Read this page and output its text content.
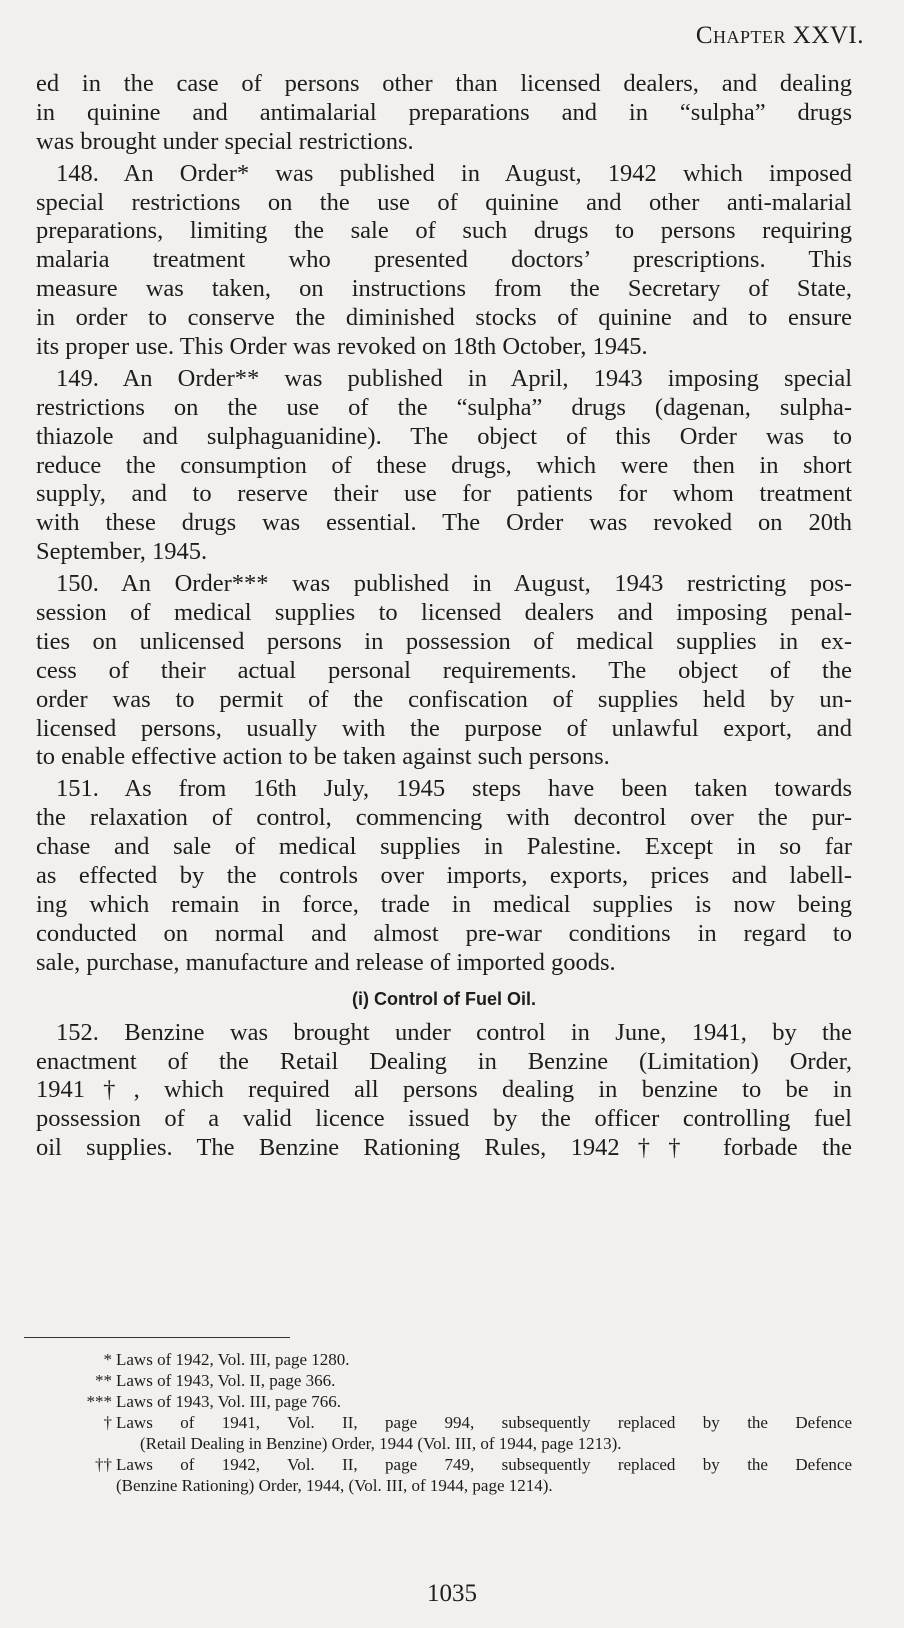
Chapter XXVI.
ed in the case of persons other than licensed dealers, and dealing
in quinine and antimalarial preparations and in “sulpha” drugs
was brought under special restrictions.
148. An Order* was published in August, 1942 which imposed
special restrictions on the use of quinine and other anti-malarial
preparations, limiting the sale of such drugs to persons requiring
malaria treatment who presented doctors’ prescriptions. This
measure was taken, on instructions from the Secretary of State,
in order to conserve the diminished stocks of quinine and to ensure
its proper use. This Order was revoked on 18th October, 1945.
149. An Order** was published in April, 1943 imposing special
restrictions on the use of the “sulpha” drugs (dagenan, sulpha-
thiazole and sulphaguanidine). The object of this Order was to
reduce the consumption of these drugs, which were then in short
supply, and to reserve their use for patients for whom treatment
with these drugs was essential. The Order was revoked on 20th
September, 1945.
150. An Order*** was published in August, 1943 restricting pos-
session of medical supplies to licensed dealers and imposing penal-
ties on unlicensed persons in possession of medical supplies in ex-
cess of their actual personal requirements. The object of the
order was to permit of the confiscation of supplies held by un-
licensed persons, usually with the purpose of unlawful export, and
to enable effective action to be taken against such persons.
151. As from 16th July, 1945 steps have been taken towards
the relaxation of control, commencing with decontrol over the pur-
chase and sale of medical supplies in Palestine. Except in so far
as effected by the controls over imports, exports, prices and labell-
ing which remain in force, trade in medical supplies is now being
conducted on normal and almost pre-war conditions in regard to
sale, purchase, manufacture and release of imported goods.
(i) Control of Fuel Oil.
152. Benzine was brought under control in June, 1941, by the
enactment of the Retail Dealing in Benzine (Limitation) Order,
1941†, which required all persons dealing in benzine to be in
possession of a valid licence issued by the officer controlling fuel
oil supplies. The Benzine Rationing Rules, 1942†† forbade the
* Laws of 1942, Vol. III, page 1280.
** Laws of 1943, Vol. II, page 366.
*** Laws of 1943, Vol. III, page 766.
† Laws of 1941, Vol. II, page 994, subsequently replaced by the Defence
(Retail Dealing in Benzine) Order, 1944 (Vol. III, of 1944, page 1213).
†† Laws of 1942, Vol. II, page 749, subsequently replaced by the Defence
(Benzine Rationing) Order, 1944, (Vol. III, of 1944, page 1214).
1035
